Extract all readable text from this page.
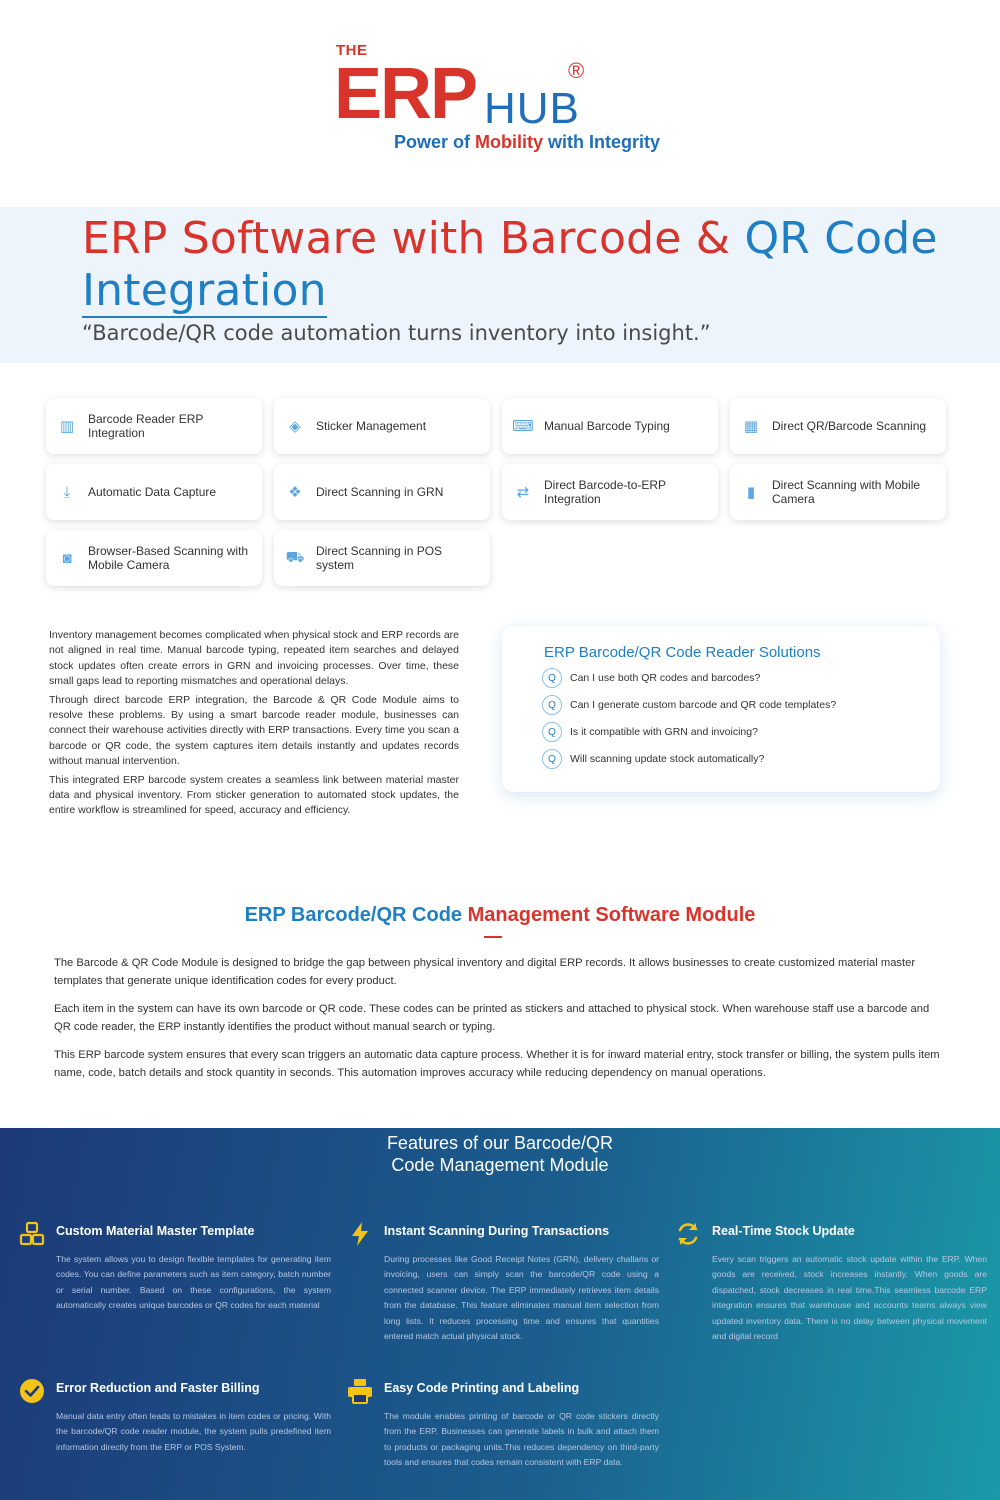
THE
ERP HUB
®
Power of Mobility with Integrity
ERP Software with Barcode & QR Code
Integration
“Barcode/QR code automation turns inventory into insight.”
▥ Barcode Reader ERP Integration	◈ Sticker Management	⌨ Manual Barcode Typing	▦ Direct QR/Barcode Scanning
⤓	Automatic Data Capture	❖ Direct Scanning in GRN	⇄ Direct Barcode-to-ERP Integration	▮	Direct Scanning with Mobile Camera
◙	Browser-Based Scanning with Mobile Camera	⛟ Direct Scanning in POS system

Inventory management becomes complicated when physical stock and ERP records are not aligned in real time. Manual barcode typing, repeated item searches and delayed stock updates often create errors in GRN and invoicing processes. Over time, these small gaps lead to reporting mismatches and operational delays.

Through direct barcode ERP integration, the Barcode & QR Code Module aims to resolve these problems. By using a smart barcode reader module, businesses can connect their warehouse activities directly with ERP transactions. Every time you scan a barcode or QR code, the system captures item details instantly and updates records without manual intervention.

This integrated ERP barcode system creates a seamless link between material master data and physical inventory. From sticker generation to automated stock updates, the entire workflow is streamlined for speed, accuracy and efficiency.

ERP Barcode/QR Code Reader Solutions
Q	Can I use both QR codes and barcodes?
Q	Can I generate custom barcode and QR code templates?
Q	Is it compatible with GRN and invoicing?
Q	Will scanning update stock automatically?
ERP Barcode/QR Code Management Software Module

The Barcode & QR Code Module is designed to bridge the gap between physical inventory and digital ERP records. It allows businesses to create customized material master templates that generate unique identification codes for every product.

Each item in the system can have its own barcode or QR code. These codes can be printed as stickers and attached to physical stock. When warehouse staff use a barcode and QR code reader, the ERP instantly identifies the product without manual search or typing.

This ERP barcode system ensures that every scan triggers an automatic data capture process. Whether it is for inward material entry, stock transfer or billing, the system pulls item name, code, batch details and stock quantity in seconds. This automation improves accuracy while reducing dependency on manual operations.

Features of our Barcode/QR
Code Management Module
Custom Material Master Template

The system allows you to design flexible templates for generating item codes. You can define parameters such as item category, batch number or serial number. Based on these configurations, the system automatically creates unique barcodes or QR codes for each material

Instant Scanning During Transactions

During processes like Good Receipt Notes (GRN), delivery challans or invoicing, users can simply scan the barcode/QR code using a connected scanner device. The ERP immediately retrieves item details from the database. This feature eliminates manual item selection from long lists. It reduces processing time and ensures that quantities entered match actual physical stock.

Real-Time Stock Update

Every scan triggers an automatic stock update within the ERP. When goods are received, stock increases instantly. When goods are dispatched, stock decreases in real time.This seamless barcode ERP integration ensures that warehouse and accounts teams always view updated inventory data. There is no delay between physical movement and digital record

Error Reduction and Faster Billing

Manual data entry often leads to mistakes in item codes or pricing. With the barcode/QR code reader module, the system pulls predefined item information directly from the ERP or POS System.

Easy Code Printing and Labeling

The module enables printing of barcode or QR code stickers directly from the ERP. Businesses can generate labels in bulk and attach them to products or packaging units.This reduces dependency on third-party tools and ensures that codes remain consistent with ERP data.
